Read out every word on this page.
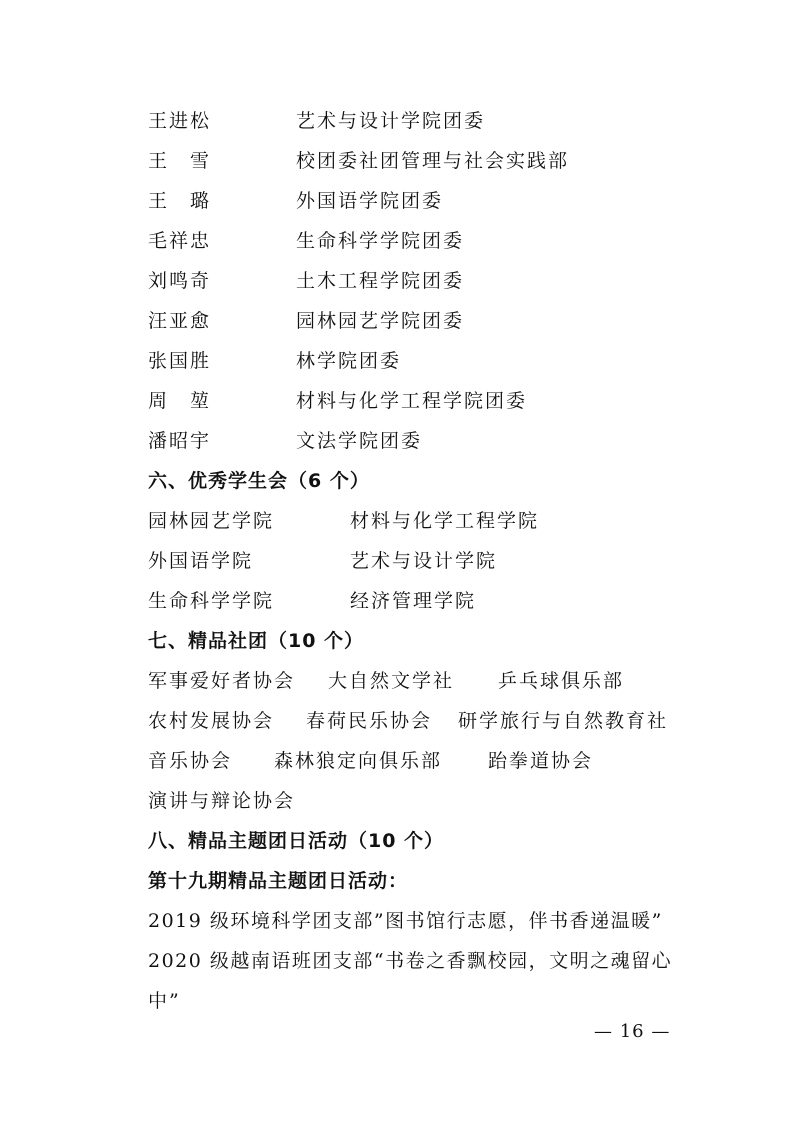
王进松	艺术与设计学院团委
王　雪	校团委社团管理与社会实践部
王　璐	外国语学院团委
毛祥忠	生命科学学院团委
刘鸣奇	土木工程学院团委
汪亚愈	园林园艺学院团委
张国胜	林学院团委
周　堃	材料与化学工程学院团委
潘昭宇	文法学院团委
六、优秀学生会（6 个）
园林园艺学院	材料与化学工程学院
外国语学院	艺术与设计学院
生命科学学院	经济管理学院
七、精品社团（10 个）
军事爱好者协会 大自然文学社 乒乓球俱乐部
农村发展协会 春荷民乐协会 研学旅行与自然教育社
音乐协会 森林狼定向俱乐部 跆拳道协会
演讲与辩论协会
八、精品主题团日活动（10 个）
第十九期精品主题团日活动：
2019 级环境科学团支部”图书馆行志愿，伴书香递温暖”
2020 级越南语班团支部“书卷之香飘校园，文明之魂留心
中”
— 16 —
